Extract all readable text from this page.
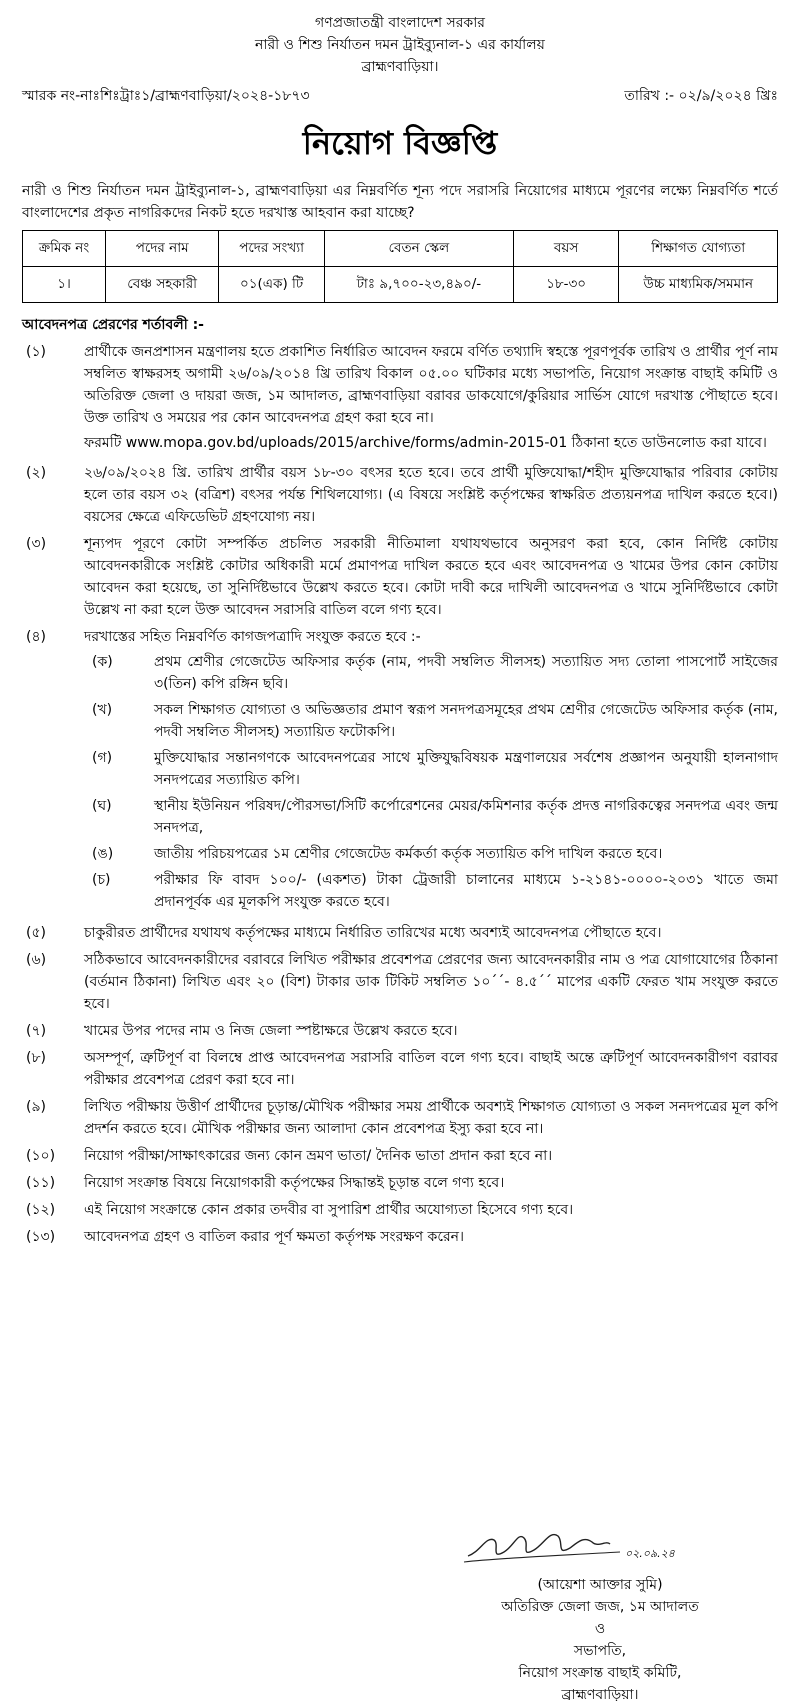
গণপ্রজাতন্ত্রী বাংলাদেশ সরকার
নারী ও শিশু নির্যাতন দমন ট্রাইব্যুনাল-১ এর কার্যালয়
ব্রাহ্মণবাড়িয়া।
স্মারক নং-নাঃশিঃট্রাঃ১/ব্রাহ্মণবাড়িয়া/২০২৪-১৮৭৩	তারিখ :- ০২/৯/২০২৪ খ্রিঃ
নিয়োগ বিজ্ঞপ্তি
নারী ও শিশু নির্যাতন দমন ট্রাইব্যুনাল-১, ব্রাহ্মণবাড়িয়া এর নিম্নবর্ণিত শূন্য পদে সরাসরি নিয়োগের মাধ্যমে পূরণের লক্ষ্যে নিম্নবর্ণিত শর্তে বাংলাদেশের প্রকৃত নাগরিকদের নিকট হতে দরখাস্ত আহবান করা যাচ্ছে?
ক্রমিক নং	পদের নাম	পদের সংখ্যা	বেতন স্কেল	বয়স	শিক্ষাগত যোগ্যতা
১।	বেঞ্চ সহকারী	০১(এক) টি	টাঃ ৯,৭০০-২৩,৪৯০/-	১৮-৩০	উচ্চ মাধ্যমিক/সমমান
আবেদনপত্র প্রেরণের শর্তাবলী :-
(১)	প্রার্থীকে জনপ্রশাসন মন্ত্রণালয় হতে প্রকাশিত নির্ধারিত আবেদন ফরমে বর্ণিত তথ্যাদি স্বহস্তে পূরণপূর্বক তারিখ ও প্রার্থীর পূর্ণ নাম সম্বলিত স্বাক্ষরসহ অগামী ২৬/০৯/২০১৪ খ্রি তারিখ বিকাল ০৫.০০ ঘটিকার মধ্যে সভাপতি, নিয়োগ সংক্রান্ত বাছাই কমিটি ও অতিরিক্ত জেলা ও দায়রা জজ, ১ম আদালত, ব্রাহ্মণবাড়িয়া বরাবর ডাকযোগে/কুরিয়ার সার্ভিস যোগে দরখাস্ত পৌছাতে হবে। উক্ত তারিখ ও সময়ের পর কোন আবেদনপত্র গ্রহণ করা হবে না।
ফরমটি www.mopa.gov.bd/uploads/2015/archive/forms/admin-2015-01 ঠিকানা হতে ডাউনলোড করা যাবে।
(২)	২৬/০৯/২০২৪ খ্রি. তারিখ প্রার্থীর বয়স ১৮-৩০ বৎসর হতে হবে। তবে প্রার্থী মুক্তিযোদ্ধা/শহীদ মুক্তিযোদ্ধার পরিবার কোটায় হলে তার বয়স ৩২ (বত্রিশ) বৎসর পর্যন্ত শিথিলযোগ্য। (এ বিষয়ে সংশ্লিষ্ট কর্তৃপক্ষের স্বাক্ষরিত প্রত্যয়নপত্র দাখিল করতে হবে।) বয়সের ক্ষেত্রে এফিডেভিট গ্রহণযোগ্য নয়।
(৩)	শূন্যপদ পূরণে কোটা সম্পর্কিত প্রচলিত সরকারী নীতিমালা যথাযথভাবে অনুসরণ করা হবে, কোন নির্দিষ্ট কোটায় আবেদনকারীকে সংশ্লিষ্ট কোটার অধিকারী মর্মে প্রমাণপত্র দাখিল করতে হবে এবং আবেদনপত্র ও খামের উপর কোন কোটায় আবেদন করা হয়েছে, তা সুনির্দিষ্টভাবে উল্লেখ করতে হবে। কোটা দাবী করে দাখিলী আবেদনপত্র ও খামে সুনির্দিষ্টভাবে কোটা উল্লেখ না করা হলে উক্ত আবেদন সরাসরি বাতিল বলে গণ্য হবে।
(৪)	দরখাস্তের সহিত নিম্নবর্ণিত কাগজপত্রাদি সংযুক্ত করতে হবে :-
(ক)	প্রথম শ্রেণীর গেজেটেড অফিসার কর্তৃক (নাম, পদবী সম্বলিত সীলসহ) সত্যায়িত সদ্য তোলা পাসপোর্ট সাইজের ৩(তিন) কপি রঙ্গিন ছবি।
(খ)	সকল শিক্ষাগত যোগ্যতা ও অভিজ্ঞতার প্রমাণ স্বরূপ সনদপত্রসমূহের প্রথম শ্রেণীর গেজেটেড অফিসার কর্তৃক (নাম, পদবী সম্বলিত সীলসহ) সত্যায়িত ফটোকপি।
(গ)	মুক্তিযোদ্ধার সন্তানগণকে আবেদনপত্রের সাথে মুক্তিযুদ্ধবিষয়ক মন্ত্রণালয়ের সর্বশেষ প্রজ্ঞাপন অনুযায়ী হালনাগাদ সনদপত্রের সত্যায়িত কপি।
(ঘ)	স্থানীয় ইউনিয়ন পরিষদ/পৌরসভা/সিটি কর্পোরেশনের মেয়র/কমিশনার কর্তৃক প্রদত্ত নাগরিকত্বের সনদপত্র এবং জন্ম সনদপত্র,
(ঙ)	জাতীয় পরিচয়পত্রের ১ম শ্রেণীর গেজেটেড কর্মকর্তা কর্তৃক সত্যায়িত কপি দাখিল করতে হবে।
(চ)	পরীক্ষার ফি বাবদ ১০০/- (একশত) টাকা ট্রেজারী চালানের মাধ্যমে ১-২১৪১-০০০০-২০৩১ খাতে জমা প্রদানপূর্বক এর মূলকপি সংযুক্ত করতে হবে।
(৫)	চাকুরীরত প্রার্থীদের যথাযথ কর্তৃপক্ষের মাধ্যমে নির্ধারিত তারিখের মধ্যে অবশ্যই আবেদনপত্র পৌছাতে হবে।
(৬)	সঠিকভাবে আবেদনকারীদের বরাবরে লিখিত পরীক্ষার প্রবেশপত্র প্রেরণের জন্য আবেদনকারীর নাম ও পত্র যোগাযোগের ঠিকানা (বর্তমান ঠিকানা) লিখিত এবং ২০ (বিশ) টাকার ডাক টিকিট সম্বলিত ১০´´- ৪.৫´´ মাপের একটি ফেরত খাম সংযুক্ত করতে হবে।
(৭)	খামের উপর পদের নাম ও নিজ জেলা স্পষ্টাক্ষরে উল্লেখ করতে হবে।
(৮)	অসম্পূর্ণ, ত্রুটিপূর্ণ বা বিলম্বে প্রাপ্ত আবেদনপত্র সরাসরি বাতিল বলে গণ্য হবে। বাছাই অন্তে ত্রুটিপূর্ণ আবেদনকারীগণ বরাবর পরীক্ষার প্রবেশপত্র প্রেরণ করা হবে না।
(৯)	লিখিত পরীক্ষায় উত্তীর্ণ প্রার্থীদের চূড়ান্ত/মৌখিক পরীক্ষার সময় প্রার্থীকে অবশ্যই শিক্ষাগত যোগ্যতা ও সকল সনদপত্রের মূল কপি প্রদর্শন করতে হবে। মৌখিক পরীক্ষার জন্য আলাদা কোন প্রবেশপত্র ইস্যু করা হবে না।
(১০)	নিয়োগ পরীক্ষা/সাক্ষাৎকারের জন্য কোন ভ্রমণ ভাতা/ দৈনিক ভাতা প্রদান করা হবে না।
(১১)	নিয়োগ সংক্রান্ত বিষয়ে নিয়োগকারী কর্তৃপক্ষের সিদ্ধান্তই চূড়ান্ত বলে গণ্য হবে।
(১২)	এই নিয়োগ সংক্রান্তে কোন প্রকার তদবীর বা সুপারিশ প্রার্থীর অযোগ্যতা হিসেবে গণ্য হবে।
(১৩)	আবেদনপত্র গ্রহণ ও বাতিল করার পূর্ণ ক্ষমতা কর্তৃপক্ষ সংরক্ষণ করেন।
০২.০৯.২৪
(আয়েশা আক্তার সুমি)
অতিরিক্ত জেলা জজ, ১ম আদালত
ও
সভাপতি,
নিয়োগ সংক্রান্ত বাছাই কমিটি,
ব্রাহ্মণবাড়িয়া।
